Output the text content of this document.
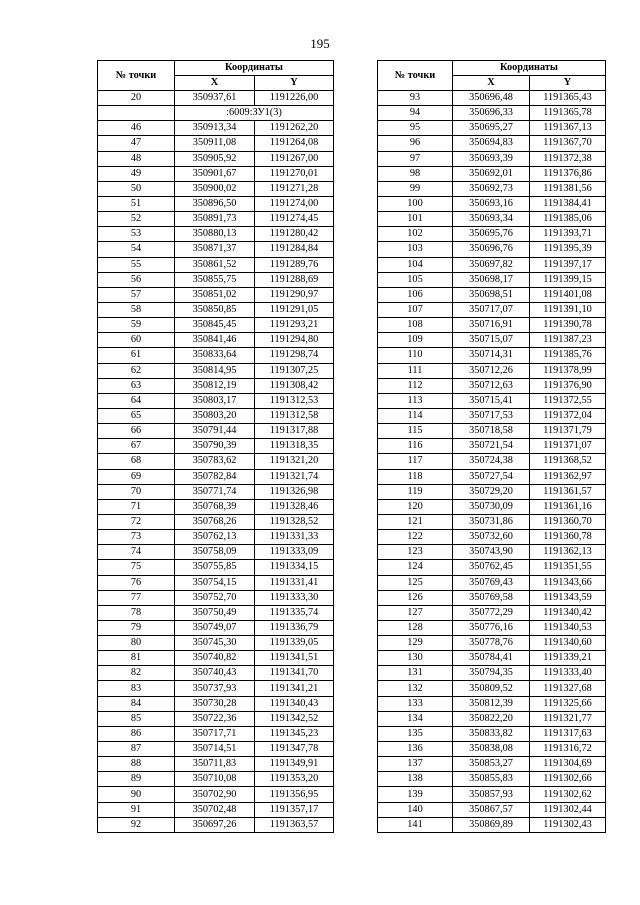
195
№ точки	Координаты	
	X	Y
20	350937,61	1191226,00
	:6009:ЗУ1(3)	
46	350913,34	1191262,20
47	350911,08	1191264,08
48	350905,92	1191267,00
49	350901,67	1191270,01
50	350900,02	1191271,28
51	350896,50	1191274,00
52	350891,73	1191274,45
53	350880,13	1191280,42
54	350871,37	1191284,84
55	350861,52	1191289,76
56	350855,75	1191288,69
57	350851,02	1191290,97
58	350850,85	1191291,05
59	350845,45	1191293,21
60	350841,46	1191294,80
61	350833,64	1191298,74
62	350814,95	1191307,25
63	350812,19	1191308,42
64	350803,17	1191312,53
65	350803,20	1191312,58
66	350791,44	1191317,88
67	350790,39	1191318,35
68	350783,62	1191321,20
69	350782,84	1191321,74
70	350771,74	1191326,98
71	350768,39	1191328,46
72	350768,26	1191328,52
73	350762,13	1191331,33
74	350758,09	1191333,09
75	350755,85	1191334,15
76	350754,15	1191331,41
77	350752,70	1191333,30
78	350750,49	1191335,74
79	350749,07	1191336,79
80	350745,30	1191339,05
81	350740,82	1191341,51
82	350740,43	1191341,70
83	350737,93	1191341,21
84	350730,28	1191340,43
85	350722,36	1191342,52
86	350717,71	1191345,23
87	350714,51	1191347,78
88	350711,83	1191349,91
89	350710,08	1191353,20
90	350702,90	1191356,95
91	350702,48	1191357,17
92	350697,26	1191363,57
№ точки	Координаты	
	X	Y
93	350696,48	1191365,43
94	350696,33	1191365,78
95	350695,27	1191367,13
96	350694,83	1191367,70
97	350693,39	1191372,38
98	350692,01	1191376,86
99	350692,73	1191381,56
100	350693,16	1191384,41
101	350693,34	1191385,06
102	350695,76	1191393,71
103	350696,76	1191395,39
104	350697,82	1191397,17
105	350698,17	1191399,15
106	350698,51	1191401,08
107	350717,07	1191391,10
108	350716,91	1191390,78
109	350715,07	1191387,23
110	350714,31	1191385,76
111	350712,26	1191378,99
112	350712,63	1191376,90
113	350715,41	1191372,55
114	350717,53	1191372,04
115	350718,58	1191371,79
116	350721,54	1191371,07
117	350724,38	1191368,52
118	350727,54	1191362,97
119	350729,20	1191361,57
120	350730,09	1191361,16
121	350731,86	1191360,70
122	350732,60	1191360,78
123	350743,90	1191362,13
124	350762,45	1191351,55
125	350769,43	1191343,66
126	350769,58	1191343,59
127	350772,29	1191340,42
128	350776,16	1191340,53
129	350778,76	1191340,60
130	350784,41	1191339,21
131	350794,35	1191333,40
132	350809,52	1191327,68
133	350812,39	1191325,66
134	350822,20	1191321,77
135	350833,82	1191317,63
136	350838,08	1191316,72
137	350853,27	1191304,69
138	350855,83	1191302,66
139	350857,93	1191302,62
140	350867,57	1191302,44
141	350869,89	1191302,43
